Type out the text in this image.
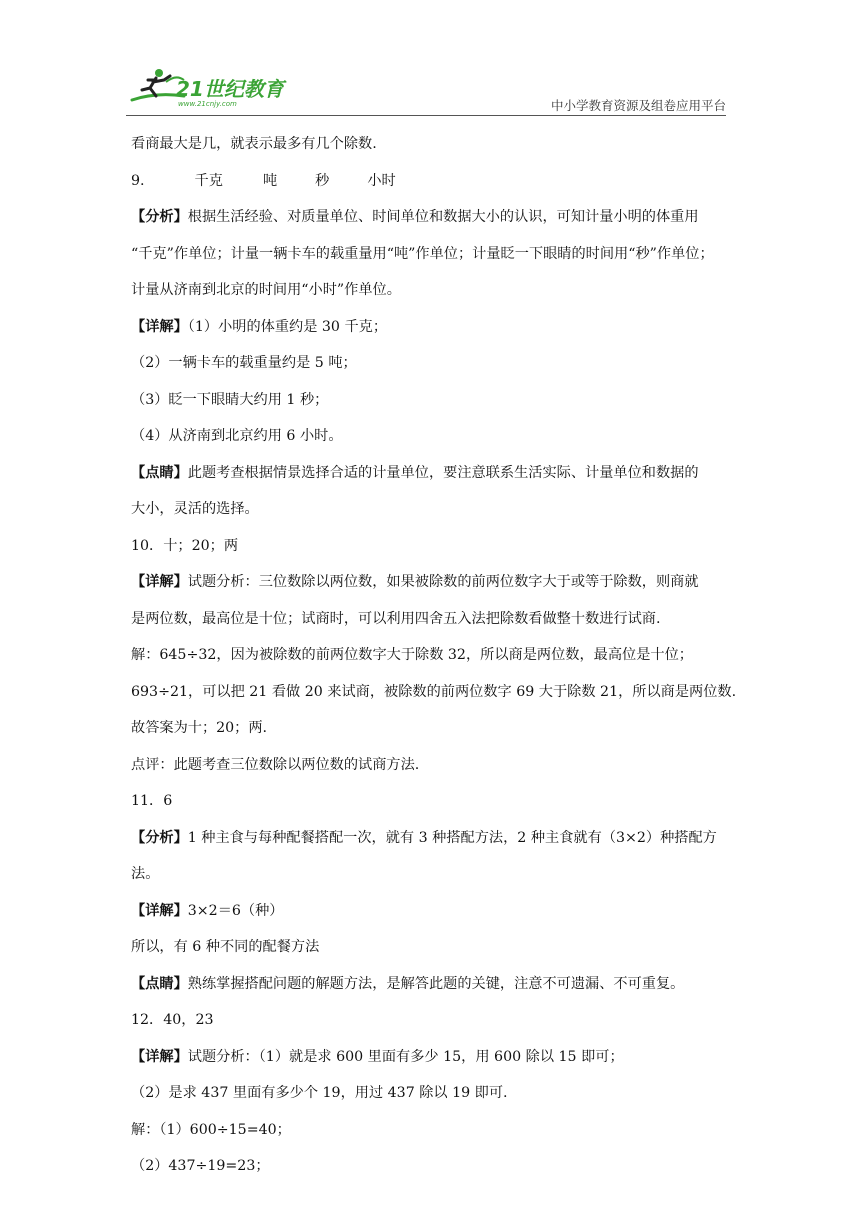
21世纪教育
www.21cnjy.com	中小学教育资源及组卷应用平台

看商最大是几，就表示最多有几个除数.

9.	千克	吨	秒	小时

【分析】根据生活经验、对质量单位、时间单位和数据大小的认识，可知计量小明的体重用
“千克”作单位；计量一辆卡车的载重量用“吨”作单位；计量眨一下眼睛的时间用“秒”作单位；
计量从济南到北京的时间用“小时”作单位。

【详解】（1）小明的体重约是 30 千克；

（2）一辆卡车的载重量约是 5 吨；

（3）眨一下眼睛大约用 1 秒；

（4）从济南到北京约用 6 小时。

【点睛】此题考查根据情景选择合适的计量单位，要注意联系生活实际、计量单位和数据的
大小，灵活的选择。

10．十；20；两

【详解】试题分析：三位数除以两位数，如果被除数的前两位数字大于或等于除数，则商就
是两位数，最高位是十位；试商时，可以利用四舍五入法把除数看做整十数进行试商.
解：645÷32，因为被除数的前两位数字大于除数 32，所以商是两位数，最高位是十位；
693÷21，可以把 21 看做 20 来试商，被除数的前两位数字 69 大于除数 21，所以商是两位数.

故答案为十；20；两.

点评：此题考查三位数除以两位数的试商方法.

11．6

【分析】1 种主食与每种配餐搭配一次，就有 3 种搭配方法，2 种主食就有（3×2）种搭配方
法。

【详解】3×2＝6（种）

所以，有 6 种不同的配餐方法

【点睛】熟练掌握搭配问题的解题方法，是解答此题的关键，注意不可遗漏、不可重复。

12．40，23

【详解】试题分析：（1）就是求 600 里面有多少 15，用 600 除以 15 即可；

（2）是求 437 里面有多少个 19，用过 437 除以 19 即可.

解：（1）600÷15=40；

（2）437÷19=23；
